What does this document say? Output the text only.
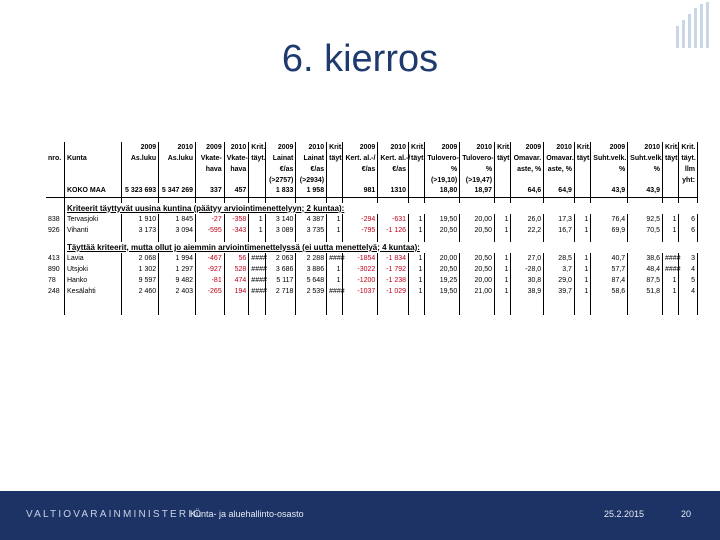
6. kierros
		2009	2010	2009	2010	Krit.	2009	2010	Krit.	2009	2010	Krit.	2009	2010	Krit.	2009	2010	Krit.	2009	2010	Krit.	Krit.
nro.	Kunta	As.luku	As.luku	Vkate-	Vkate-	täyt.	Lainat	Lainat	täyt.	Kert. al.-/	Kert. al.-/	täyt.	Tulovero-	Tulovero-	täyt.	Omavar.	Omavar.	täyt.	Suht.velk.	Suht.velk.	täyt.	täyt.
				hava	hava		€/as	€/as		€/as	€/as		%	%		aste, %	aste, %		%	%		llm
							(>2757)	(>2934)					(>19,10)	(>19,47)								yht:
	KOKO MAA	5 323 693	5 347 269	337	457		1 833	1 958		981	1310		18,80	18,97		64,6	64,9		43,9	43,9		

	Kriteerit täyttyvät uusina kuntina (päätyy arviointimenettelyyn; 2 kuntaa):																					
838	Tervasjoki	1 910	1 845	-27	-358	1	3 140	4 387	1	-294	-631	1	19,50	20,00	1	26,0	17,3	1	76,4	92,5	1	6
926	Vihanti	3 173	3 094	-595	-343	1	3 089	3 735	1	-795	-1 126	1	20,50	20,50	1	22,2	16,7	1	69,9	70,5	1	6

	Täyttää kriteerit, mutta ollut jo aiemmin arviointimenettelyssä (ei uutta menettelyä; 4 kuntaa):																					
413	Lavia	2 068	1 994	-467	56	####	2 063	2 288	####	-1854	-1 834	1	20,00	20,50	1	27,0	28,5	1	40,7	38,6	####	3
890	Utsjoki	1 302	1 297	-927	528	####	3 686	3 886	1	-3022	-1 792	1	20,50	20,50	1	-28,0	3,7	1	57,7	48,4	####	4
78	Hanko	9 597	9 482	-81	474	####	5 117	5 648	1	-1200	-1 238	1	19,25	20,00	1	30,8	29,0	1	87,4	87,5	1	5
248	Kesälahti	2 460	2 403	-265	194	####	2 718	2 539	####	-1037	-1 029	1	19,50	21,00	1	38,9	39,7	1	58,6	51,8	1	4

VALTIOVARAINMINISTERIÖ
Kunta- ja aluehallinto-osasto	25.2.2015	20
